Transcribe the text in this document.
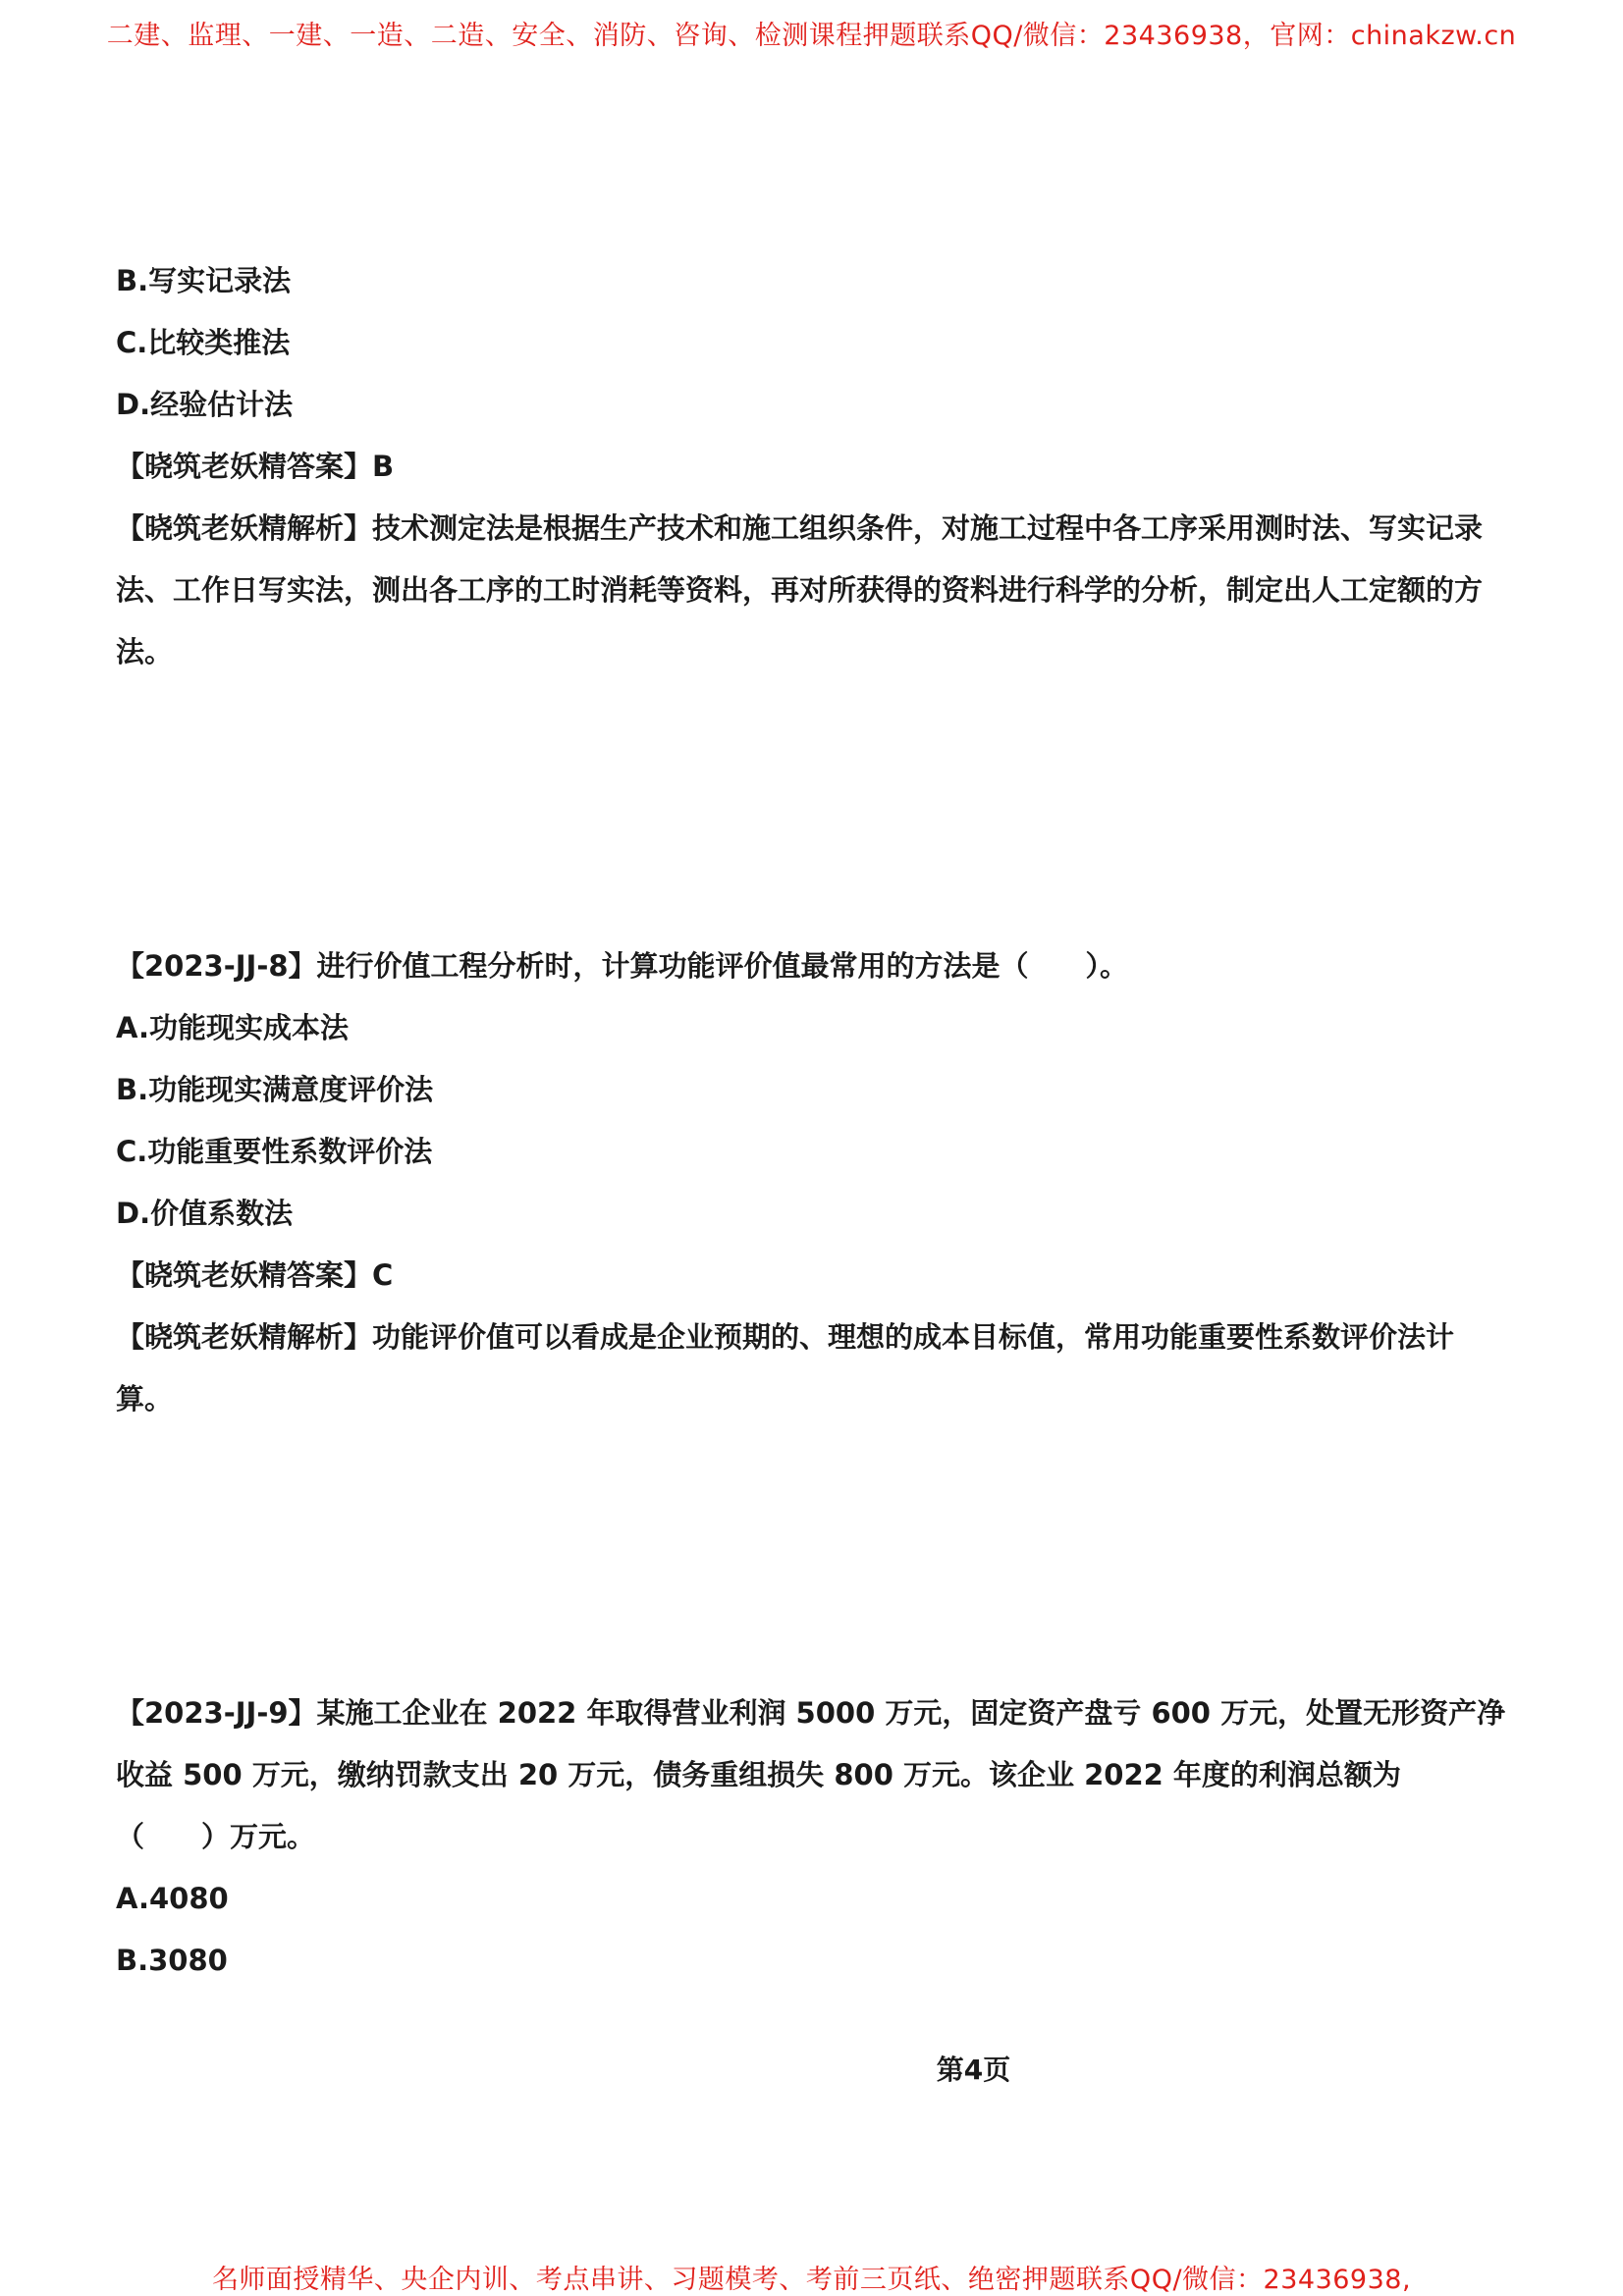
二建、监理、一建、一造、二造、安全、消防、咨询、检测课程押题联系QQ/微信：23436938，官网：chinakzw.cn
B.写实记录法
C.比较类推法
D.经验估计法
【晓筑老妖精答案】B
【晓筑老妖精解析】技术测定法是根据生产技术和施工组织条件，对施工过程中各工序采用测时法、写实记录
法、工作日写实法，测出各工序的工时消耗等资料，再对所获得的资料进行科学的分析，制定出人工定额的方
法。
【2023-JJ-8】进行价值工程分析时，计算功能评价值最常用的方法是（　　）。
A.功能现实成本法
B.功能现实满意度评价法
C.功能重要性系数评价法
D.价值系数法
【晓筑老妖精答案】C
【晓筑老妖精解析】功能评价值可以看成是企业预期的、理想的成本目标值，常用功能重要性系数评价法计
算。
【2023-JJ-9】某施工企业在 2022 年取得营业利润 5000 万元，固定资产盘亏 600 万元，处置无形资产净
收益 500 万元，缴纳罚款支出 20 万元，债务重组损失 800 万元。该企业 2022 年度的利润总额为
（　　）万元。
A.4080
B.3080
第4页
名师面授精华、央企内训、考点串讲、习题模考、考前三页纸、绝密押题联系QQ/微信：23436938,
